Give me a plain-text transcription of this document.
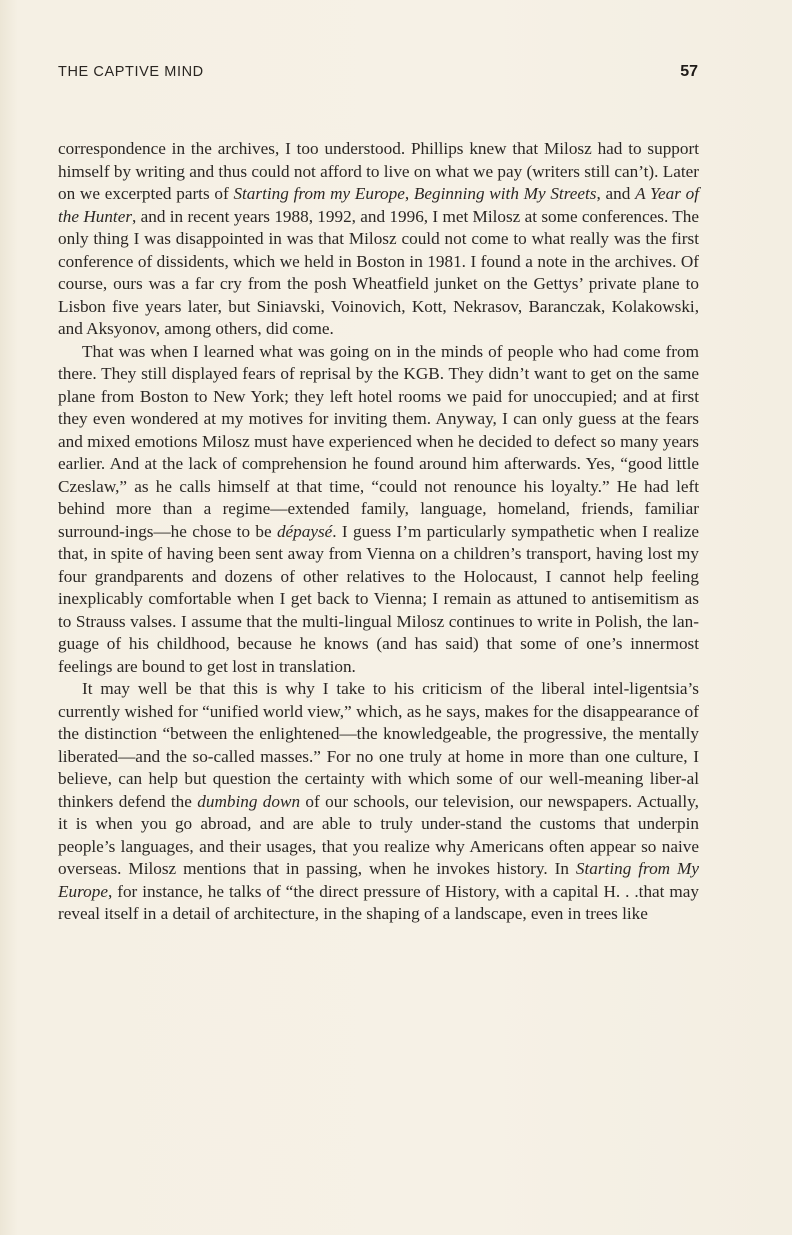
THE CAPTIVE MIND	57

correspondence in the archives, I too understood. Phillips knew that Milosz had to support himself by writing and thus could not afford to live on what we pay (writers still can’t). Later on we excerpted parts of Starting from my Europe, Beginning with My Streets, and A Year of the Hunter, and in recent years 1988, 1992, and 1996, I met Milosz at some conferences. The only thing I was disappointed in was that Milosz could not come to what really was the first conference of dissidents, which we held in Boston in 1981. I found a note in the archives. Of course, ours was a far cry from the posh Wheatfield junket on the Gettys’ private plane to Lisbon five years later, but Siniavski, Voinovich, Kott, Nekrasov, Baranczak, Kolakowski, and Aksyonov, among others, did come.

That was when I learned what was going on in the minds of people who had come from there. They still displayed fears of reprisal by the KGB. They didn’t want to get on the same plane from Boston to New York; they left hotel rooms we paid for unoccupied; and at first they even wondered at my motives for inviting them. Anyway, I can only guess at the fears and mixed emotions Milosz must have experienced when he decided to defect so many years earlier. And at the lack of comprehension he found around him afterwards. Yes, “good little Czeslaw,” as he calls himself at that time, “could not renounce his loyalty.” He had left behind more than a regime—extended family, language, homeland, friends, familiar surround-ings—he chose to be dépaysé. I guess I’m particularly sympathetic when I realize that, in spite of having been sent away from Vienna on a children’s transport, having lost my four grandparents and dozens of other relatives to the Holocaust, I cannot help feeling inexplicably comfortable when I get back to Vienna; I remain as attuned to antisemitism as to Strauss valses. I assume that the multi-lingual Milosz continues to write in Polish, the lan-guage of his childhood, because he knows (and has said) that some of one’s innermost feelings are bound to get lost in translation.

It may well be that this is why I take to his criticism of the liberal intel-ligentsia’s currently wished for “unified world view,” which, as he says, makes for the disappearance of the distinction “between the enlightened—the knowledgeable, the progressive, the mentally liberated—and the so-called masses.” For no one truly at home in more than one culture, I believe, can help but question the certainty with which some of our well-meaning liber-al thinkers defend the dumbing down of our schools, our television, our newspapers. Actually, it is when you go abroad, and are able to truly under-stand the customs that underpin people’s languages, and their usages, that you realize why Americans often appear so naive overseas. Milosz mentions that in passing, when he invokes history. In Starting from My Europe, for instance, he talks of “the direct pressure of History, with a capital H. . .that may reveal itself in a detail of architecture, in the shaping of a landscape, even in trees like
